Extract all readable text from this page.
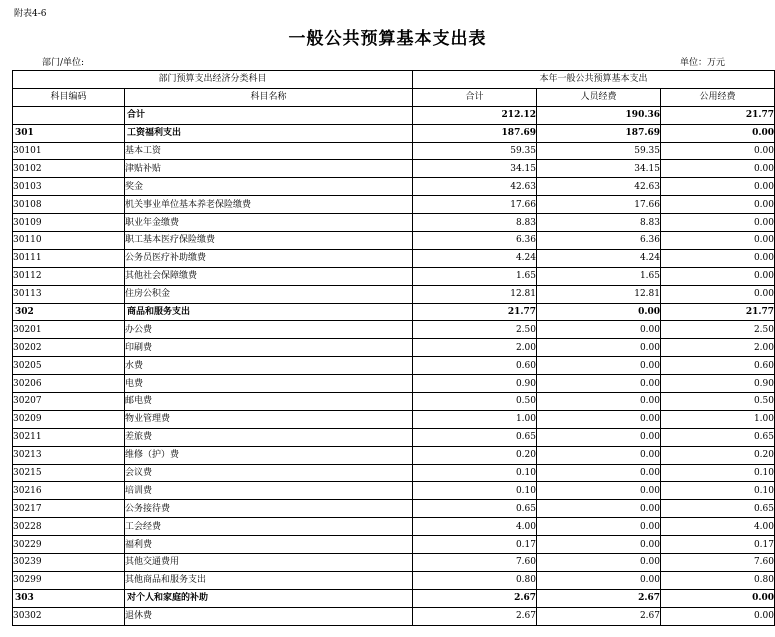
附表4-6
一般公共预算基本支出表
部门/单位:	单位：万元
部门预算支出经济分类科目		本年一般公共预算基本支出		
科目编码	科目名称	合计	人员经费	公用经费
	合计	212.12	190.36	21.77
301	工资福利支出	187.69	187.69	0.00
30101	基本工资	59.35	59.35	0.00
30102	津贴补贴	34.15	34.15	0.00
30103	奖金	42.63	42.63	0.00
30108	机关事业单位基本养老保险缴费	17.66	17.66	0.00
30109	职业年金缴费	8.83	8.83	0.00
30110	职工基本医疗保险缴费	6.36	6.36	0.00
30111	公务员医疗补助缴费	4.24	4.24	0.00
30112	其他社会保障缴费	1.65	1.65	0.00
30113	住房公积金	12.81	12.81	0.00
302	商品和服务支出	21.77	0.00	21.77
30201	办公费	2.50	0.00	2.50
30202	印刷费	2.00	0.00	2.00
30205	水费	0.60	0.00	0.60
30206	电费	0.90	0.00	0.90
30207	邮电费	0.50	0.00	0.50
30209	物业管理费	1.00	0.00	1.00
30211	差旅费	0.65	0.00	0.65
30213	维修（护）费	0.20	0.00	0.20
30215	会议费	0.10	0.00	0.10
30216	培训费	0.10	0.00	0.10
30217	公务接待费	0.65	0.00	0.65
30228	工会经费	4.00	0.00	4.00
30229	福利费	0.17	0.00	0.17
30239	其他交通费用	7.60	0.00	7.60
30299	其他商品和服务支出	0.80	0.00	0.80
303	对个人和家庭的补助	2.67	2.67	0.00
30302	退休费	2.67	2.67	0.00
